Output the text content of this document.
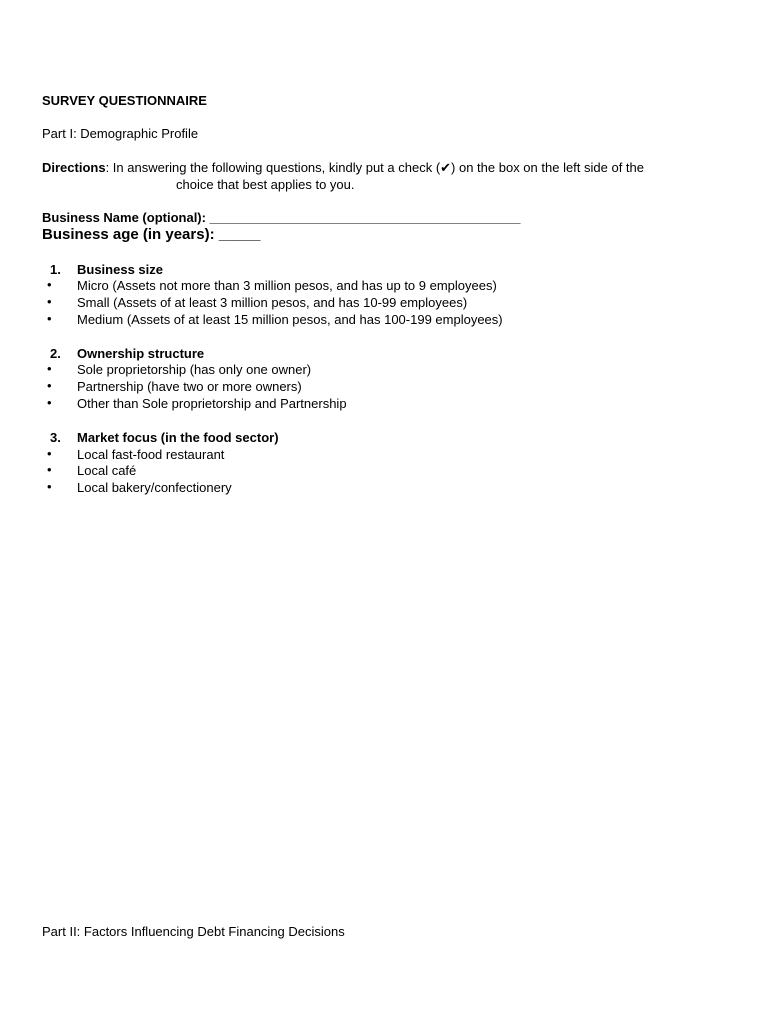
SURVEY QUESTIONNAIRE
Part I: Demographic Profile
Directions: In answering the following questions, kindly put a check (✔) on the box on the left side of the
choice that best applies to you.
Business Name (optional): ___________________________________________
Business age (in years): _____
1. Business size
• Micro (Assets not more than 3 million pesos, and has up to 9 employees)
• Small (Assets of at least 3 million pesos, and has 10-99 employees)
• Medium (Assets of at least 15 million pesos, and has 100-199 employees)
2. Ownership structure
• Sole proprietorship (has only one owner)
• Partnership (have two or more owners)
• Other than Sole proprietorship and Partnership
3. Market focus (in the food sector)
• Local fast-food restaurant
• Local café
• Local bakery/confectionery
Part II: Factors Influencing Debt Financing Decisions
